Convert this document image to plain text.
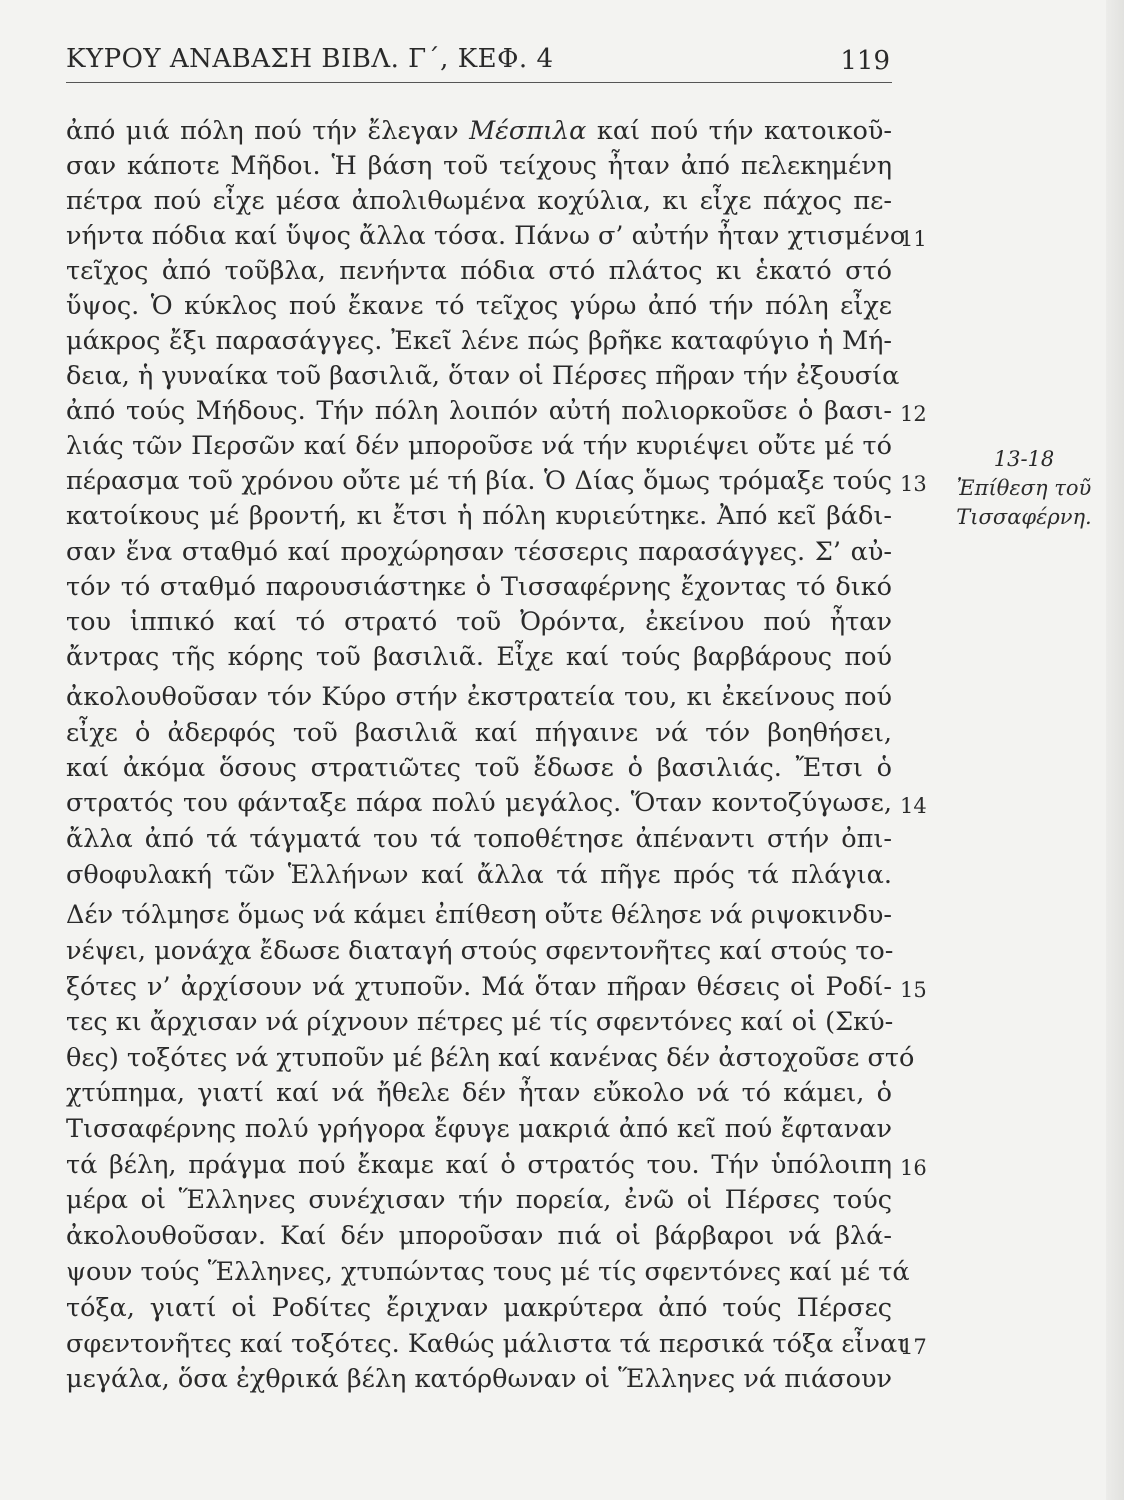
ΚΥΡΟΥ ΑΝΑΒΑΣΗ ΒΙΒΛ. Γ΄, ΚΕΦ. 4	119
ἀπό μιά πόλη πού τήν ἔλεγαν Μέσπιλα καί πού τήν κατοικοῦ-
σαν κάποτε Μῆδοι. Ἡ βάση τοῦ τείχους ἦταν ἀπό πελεκημένη
πέτρα πού εἶχε μέσα ἀπολιθωμένα κοχύλια, κι εἶχε πάχος πε-
νήντα πόδια καί ὕψος ἄλλα τόσα. Πάνω σ’ αὐτήν ἦταν χτισμένο
τεῖχος ἀπό τοῦβλα, πενήντα πόδια στό πλάτος κι ἑκατό στό
ὕψος. Ὁ κύκλος πού ἔκανε τό τεῖχος γύρω ἀπό τήν πόλη εἶχε
μάκρος ἔξι παρασάγγες. Ἐκεῖ λένε πώς βρῆκε καταφύγιο ἡ Μή-
δεια, ἡ γυναίκα τοῦ βασιλιᾶ, ὅταν οἱ Πέρσες πῆραν τήν ἐξουσία
ἀπό τούς Μήδους. Τήν πόλη λοιπόν αὐτή πολιορκοῦσε ὁ βασι-
λιάς τῶν Περσῶν καί δέν μποροῦσε νά τήν κυριέψει οὔτε μέ τό
πέρασμα τοῦ χρόνου οὔτε μέ τή βία. Ὁ Δίας ὅμως τρόμαξε τούς
κατοίκους μέ βροντή, κι ἔτσι ἡ πόλη κυριεύτηκε. Ἀπό κεῖ βάδι-
σαν ἕνα σταθμό καί προχώρησαν τέσσερις παρασάγγες. Σ’ αὐ-
τόν τό σταθμό παρουσιάστηκε ὁ Τισσαφέρνης ἔχοντας τό δικό
του ἱππικό καί τό στρατό τοῦ Ὀρόντα, ἐκείνου πού ἦταν
ἄντρας τῆς κόρης τοῦ βασιλιᾶ. Εἶχε καί τούς βαρβάρους πού
ἀκολουθοῦσαν τόν Κύρο στήν ἐκστρατεία του, κι ἐκείνους πού
εἶχε ὁ ἀδερφός τοῦ βασιλιᾶ καί πήγαινε νά τόν βοηθήσει,
καί ἀκόμα ὅσους στρατιῶτες τοῦ ἔδωσε ὁ βασιλιάς. Ἔτσι ὁ
στρατός του φάνταξε πάρα πολύ μεγάλος. Ὅταν κοντοζύγωσε,
ἄλλα ἀπό τά τάγματά του τά τοποθέτησε ἀπέναντι στήν ὀπι-
σθοφυλακή τῶν Ἑλλήνων καί ἄλλα τά πῆγε πρός τά πλάγια.
Δέν τόλμησε ὅμως νά κάμει ἐπίθεση οὔτε θέλησε νά ριψοκινδυ-
νέψει, μονάχα ἔδωσε διαταγή στούς σφεντονῆτες καί στούς το-
ξότες ν’ ἀρχίσουν νά χτυποῦν. Μά ὅταν πῆραν θέσεις οἱ Ροδί-
τες κι ἄρχισαν νά ρίχνουν πέτρες μέ τίς σφεντόνες καί οἱ (Σκύ-
θες) τοξότες νά χτυποῦν μέ βέλη καί κανένας δέν ἀστοχοῦσε στό
χτύπημα, γιατί καί νά ἤθελε δέν ἦταν εὔκολο νά τό κάμει, ὁ
Τισσαφέρνης πολύ γρήγορα ἔφυγε μακριά ἀπό κεῖ πού ἔφταναν
τά βέλη, πράγμα πού ἔκαμε καί ὁ στρατός του. Τήν ὑπόλοιπη
μέρα οἱ Ἕλληνες συνέχισαν τήν πορεία, ἐνῶ οἱ Πέρσες τούς
ἀκολουθοῦσαν. Καί δέν μποροῦσαν πιά οἱ βάρβαροι νά βλά-
ψουν τούς Ἕλληνες, χτυπώντας τους μέ τίς σφεντόνες καί μέ τά
τόξα, γιατί οἱ Ροδίτες ἔριχναν μακρύτερα ἀπό τούς Πέρσες
σφεντονῆτες καί τοξότες. Καθώς μάλιστα τά περσικά τόξα εἶναι
μεγάλα, ὅσα ἐχθρικά βέλη κατόρθωναν οἱ Ἕλληνες νά πιάσουν
11
12
13
14
15
16
17
13-18
Ἐπίθεση τοῦ
Τισσαφέρνη.
